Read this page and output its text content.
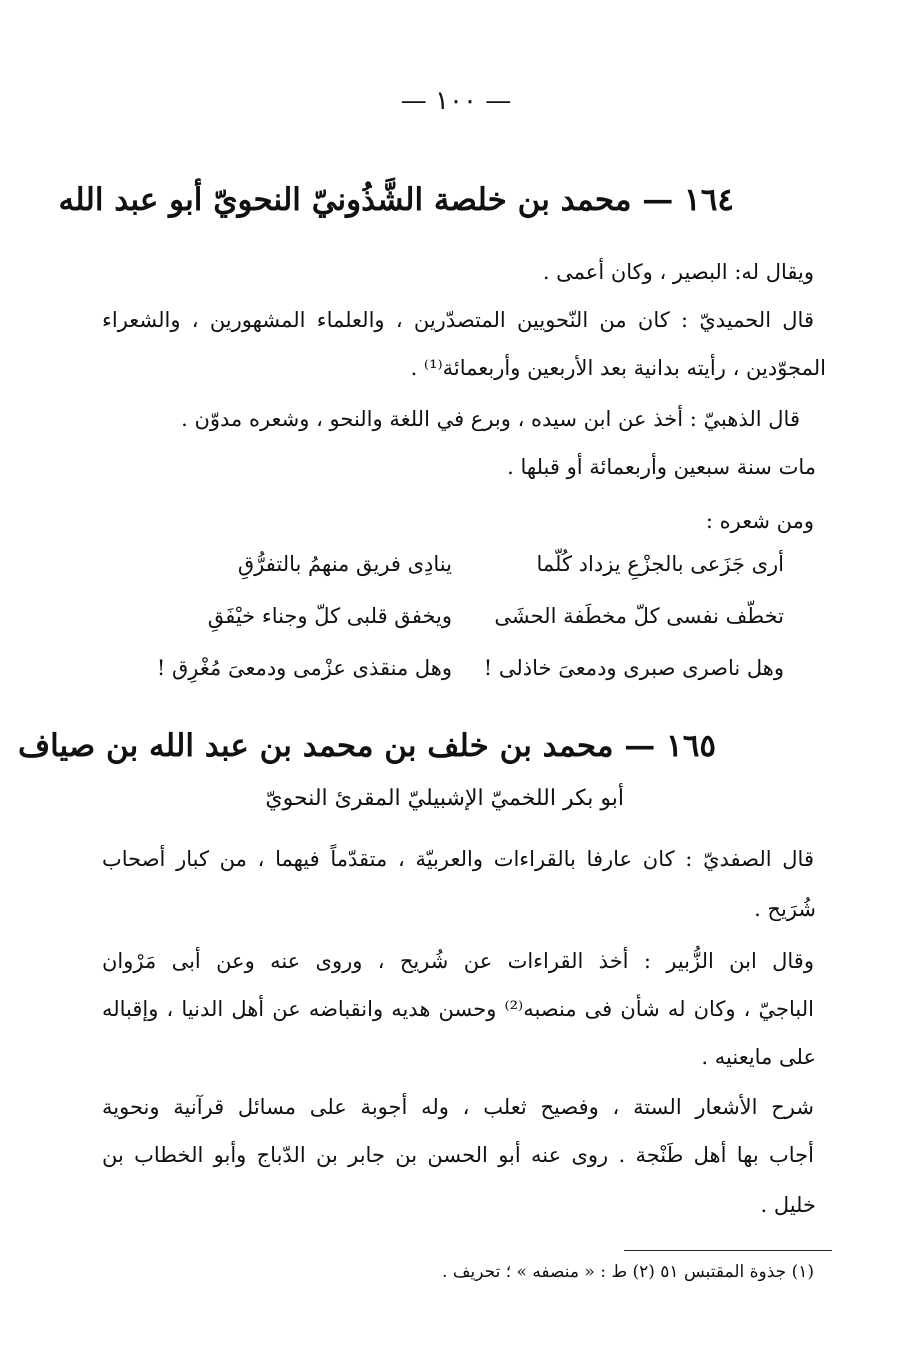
— ١٠٠ —
١٦٤ — محمد بن خلصة الشَّذُونيّ النحويّ أبو عبد الله
ويقال له: البصير ، وكان أعمى .
قال الحميديّ : كان من النّحويين المتصدّرين ، والعلماء المشهورين ، والشعراء
المجوّدين ، رأيته بدانية بعد الأربعين وأربعمائة⁽¹⁾ .
قال الذهبيّ : أخذ عن ابن سيده ، وبرع في اللغة والنحو ، وشعره مدوّن .
مات سنة سبعين وأربعمائة أو قبلها .
ومن شعره :
أرى جَزَعى بالجزْعِ يزداد كُلّما
ينادِى فريق منهمُ بالتفرُّقِ
تخطّف نفسى كلّ مخطَفة الحشَى
ويخفق قلبى كلّ وجناء خيْفَقِ
وهل ناصرى صبرى ودمعىَ خاذلى !
وهل منقذى عزْمى ودمعىَ مُغْرِق !
١٦٥ — محمد بن خلف بن محمد بن عبد الله بن صياف
أبو بكر اللخميّ الإشبيليّ المقرئ النحويّ
قال الصفديّ : كان عارفا بالقراءات والعربيّة ، متقدّماً فيهما ، من كبار أصحاب
شُرَيح .
وقال ابن الزُّبير : أخذ القراءات عن شُريح ، وروى عنه وعن أبى مَرْوان
الباجيّ ، وكان له شأن فى منصبه⁽²⁾ وحسن هديه وانقباضه عن أهل الدنيا ، وإقباله
على مايعنيه .
شرح الأشعار الستة ، وفصيح ثعلب ، وله أجوبة على مسائل قرآنية ونحوية
أجاب بها أهل طَنْجة . روى عنه أبو الحسن بن جابر بن الدّباج وأبو الخطاب بن
خليل .
(١) جذوة المقتبس ٥١ (٢) ط : « منصفه » ؛ تحريف .
